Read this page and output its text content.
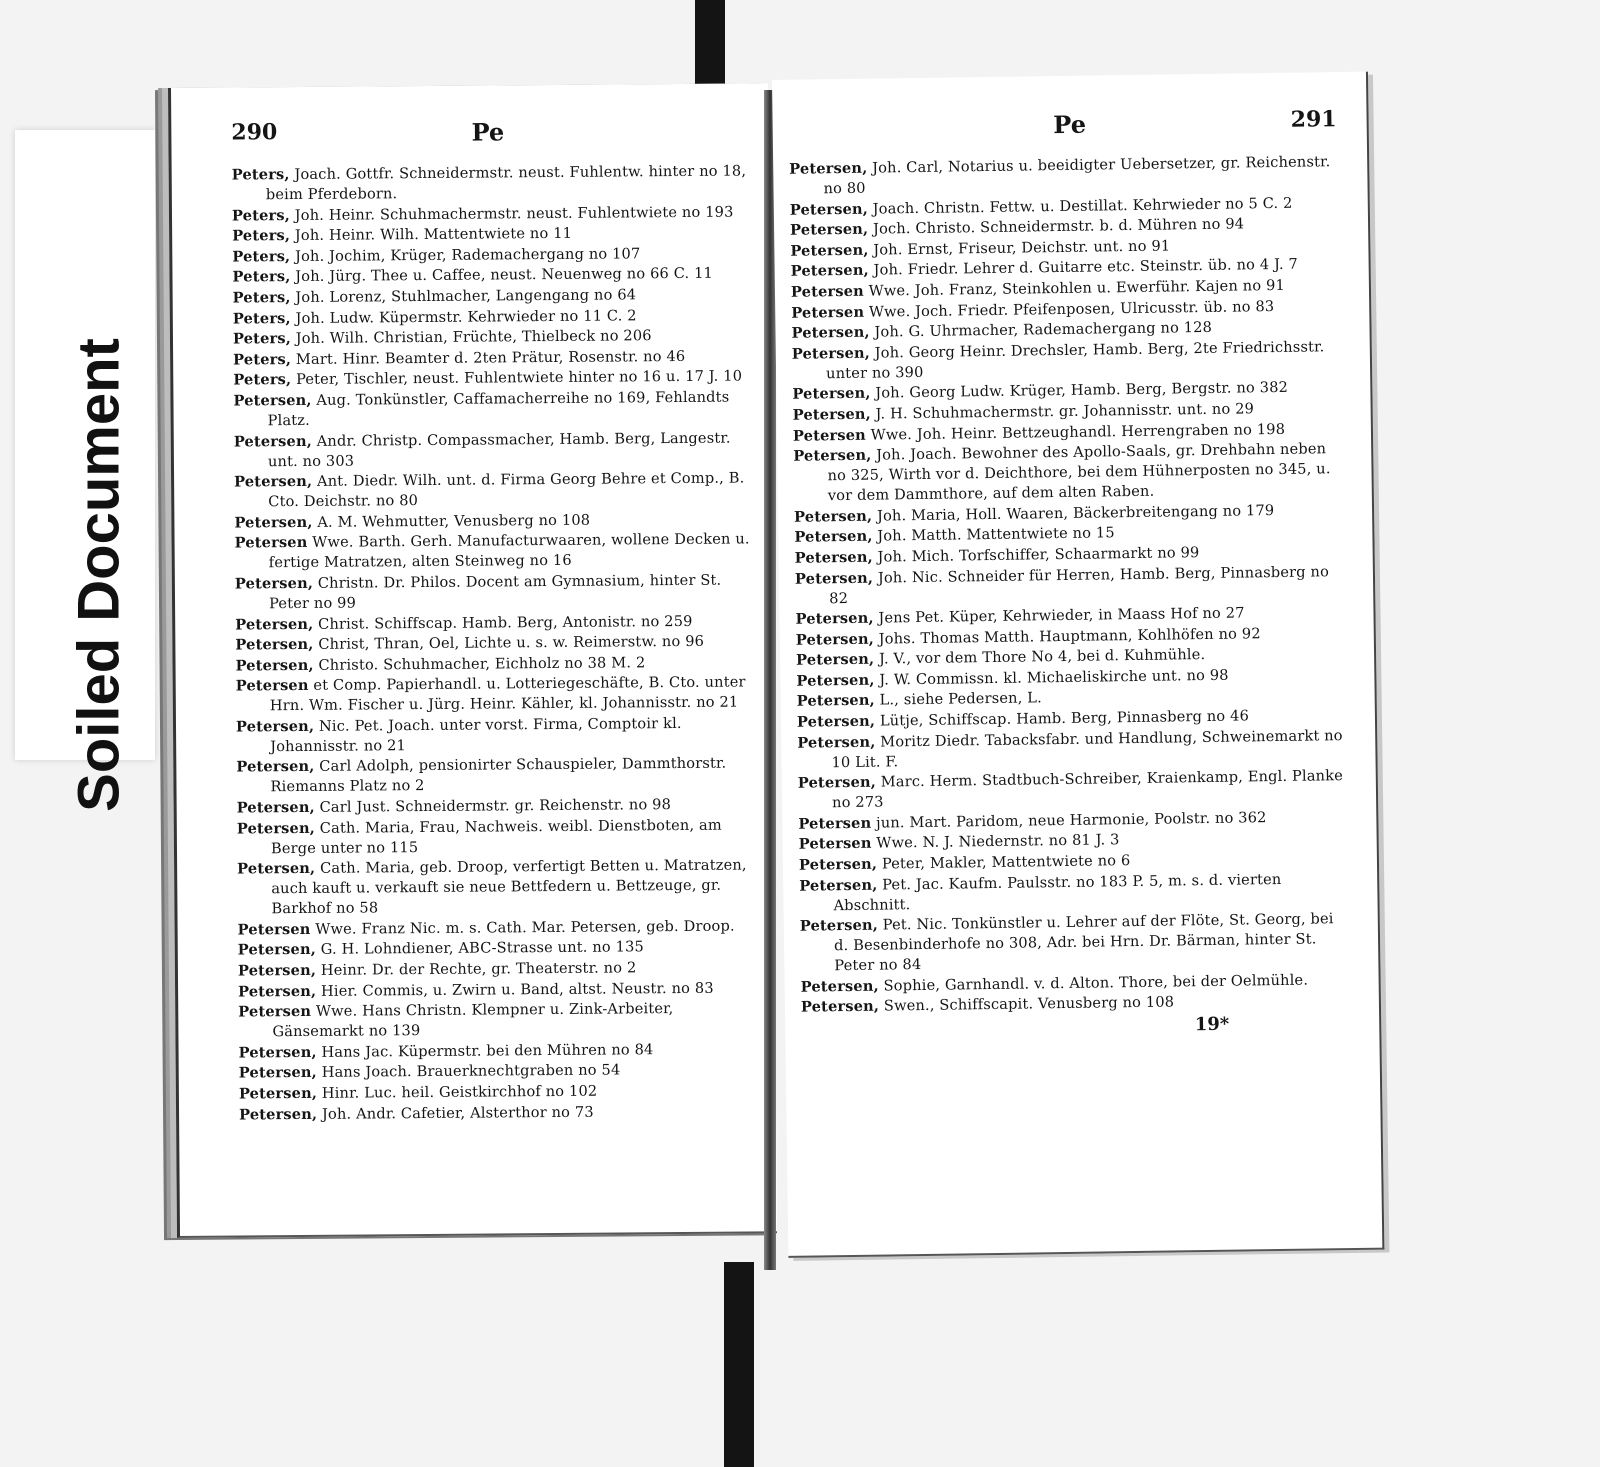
Soiled Document
290	Pe
Peters, Joach. Gottfr. Schneidermstr. neust. Fuhlentw. hinter no 18, beim Pferdeborn.
Peters, Joh. Heinr. Schuhmachermstr. neust. Fuhlentwiete no 193
Peters, Joh. Heinr. Wilh. Mattentwiete no 11
Peters, Joh. Jochim, Krüger, Rademachergang no 107
Peters, Joh. Jürg. Thee u. Caffee, neust. Neuenweg no 66 C. 11
Peters, Joh. Lorenz, Stuhlmacher, Langengang no 64
Peters, Joh. Ludw. Küpermstr. Kehrwieder no 11 C. 2
Peters, Joh. Wilh. Christian, Früchte, Thielbeck no 206
Peters, Mart. Hinr. Beamter d. 2ten Prätur, Rosenstr. no 46
Peters, Peter, Tischler, neust. Fuhlentwiete hinter no 16 u. 17 J. 10
Petersen, Aug. Tonkünstler, Caffamacherreihe no 169, Fehlandts Platz.
Petersen, Andr. Christp. Compassmacher, Hamb. Berg, Langestr. unt. no 303
Petersen, Ant. Diedr. Wilh. unt. d. Firma Georg Behre et Comp., B. Cto. Deichstr. no 80
Petersen, A. M. Wehmutter, Venusberg no 108
Petersen Wwe. Barth. Gerh. Manufacturwaaren, wollene Decken u. fertige Matratzen, alten Steinweg no 16
Petersen, Christn. Dr. Philos. Docent am Gymnasium, hinter St. Peter no 99
Petersen, Christ. Schiffscap. Hamb. Berg, Antonistr. no 259
Petersen, Christ, Thran, Oel, Lichte u. s. w. Reimerstw. no 96
Petersen, Christo. Schuhmacher, Eichholz no 38 M. 2
Petersen et Comp. Papierhandl. u. Lotteriegeschäfte, B. Cto. unter Hrn. Wm. Fischer u. Jürg. Heinr. Kähler, kl. Johannisstr. no 21
Petersen, Nic. Pet. Joach. unter vorst. Firma, Comptoir kl. Johannisstr. no 21
Petersen, Carl Adolph, pensionirter Schauspieler, Dammthorstr. Riemanns Platz no 2
Petersen, Carl Just. Schneidermstr. gr. Reichenstr. no 98
Petersen, Cath. Maria, Frau, Nachweis. weibl. Dienstboten, am Berge unter no 115
Petersen, Cath. Maria, geb. Droop, verfertigt Betten u. Matratzen, auch kauft u. verkauft sie neue Bettfedern u. Bettzeuge, gr. Barkhof no 58
Petersen Wwe. Franz Nic. m. s. Cath. Mar. Petersen, geb. Droop.
Petersen, G. H. Lohndiener, ABC-Strasse unt. no 135
Petersen, Heinr. Dr. der Rechte, gr. Theaterstr. no 2
Petersen, Hier. Commis, u. Zwirn u. Band, altst. Neustr. no 83
Petersen Wwe. Hans Christn. Klempner u. Zink-Arbeiter, Gänsemarkt no 139
Petersen, Hans Jac. Küpermstr. bei den Mühren no 84
Petersen, Hans Joach. Brauerknechtgraben no 54
Petersen, Hinr. Luc. heil. Geistkirchhof no 102
Petersen, Joh. Andr. Cafetier, Alsterthor no 73
Pe	291
Petersen, Joh. Carl, Notarius u. beeidigter Uebersetzer, gr. Reichenstr. no 80
Petersen, Joach. Christn. Fettw. u. Destillat. Kehrwieder no 5 C. 2
Petersen, Joch. Christo. Schneidermstr. b. d. Mühren no 94
Petersen, Joh. Ernst, Friseur, Deichstr. unt. no 91
Petersen, Joh. Friedr. Lehrer d. Guitarre etc. Steinstr. üb. no 4 J. 7
Petersen Wwe. Joh. Franz, Steinkohlen u. Ewerführ. Kajen no 91
Petersen Wwe. Joch. Friedr. Pfeifenposen, Ulricusstr. üb. no 83
Petersen, Joh. G. Uhrmacher, Rademachergang no 128
Petersen, Joh. Georg Heinr. Drechsler, Hamb. Berg, 2te Friedrichsstr. unter no 390
Petersen, Joh. Georg Ludw. Krüger, Hamb. Berg, Bergstr. no 382
Petersen, J. H. Schuhmachermstr. gr. Johannisstr. unt. no 29
Petersen Wwe. Joh. Heinr. Bettzeughandl. Herrengraben no 198
Petersen, Joh. Joach. Bewohner des Apollo-Saals, gr. Drehbahn neben no 325, Wirth vor d. Deichthore, bei dem Hühnerposten no 345, u. vor dem Dammthore, auf dem alten Raben.
Petersen, Joh. Maria, Holl. Waaren, Bäckerbreitengang no 179
Petersen, Joh. Matth. Mattentwiete no 15
Petersen, Joh. Mich. Torfschiffer, Schaarmarkt no 99
Petersen, Joh. Nic. Schneider für Herren, Hamb. Berg, Pinnasberg no 82
Petersen, Jens Pet. Küper, Kehrwieder, in Maass Hof no 27
Petersen, Johs. Thomas Matth. Hauptmann, Kohlhöfen no 92
Petersen, J. V., vor dem Thore No 4, bei d. Kuhmühle.
Petersen, J. W. Commissn. kl. Michaeliskirche unt. no 98
Petersen, L., siehe Pedersen, L.
Petersen, Lütje, Schiffscap. Hamb. Berg, Pinnasberg no 46
Petersen, Moritz Diedr. Tabacksfabr. und Handlung, Schweinemarkt no 10 Lit. F.
Petersen, Marc. Herm. Stadtbuch-Schreiber, Kraienkamp, Engl. Planke no 273
Petersen jun. Mart. Paridom, neue Harmonie, Poolstr. no 362
Petersen Wwe. N. J. Niedernstr. no 81 J. 3
Petersen, Peter, Makler, Mattentwiete no 6
Petersen, Pet. Jac. Kaufm. Paulsstr. no 183 P. 5, m. s. d. vierten Abschnitt.
Petersen, Pet. Nic. Tonkünstler u. Lehrer auf der Flöte, St. Georg, bei d. Besenbinderhofe no 308, Adr. bei Hrn. Dr. Bärman, hinter St. Peter no 84
Petersen, Sophie, Garnhandl. v. d. Alton. Thore, bei der Oelmühle.
Petersen, Swen., Schiffscapit. Venusberg no 108
19*
